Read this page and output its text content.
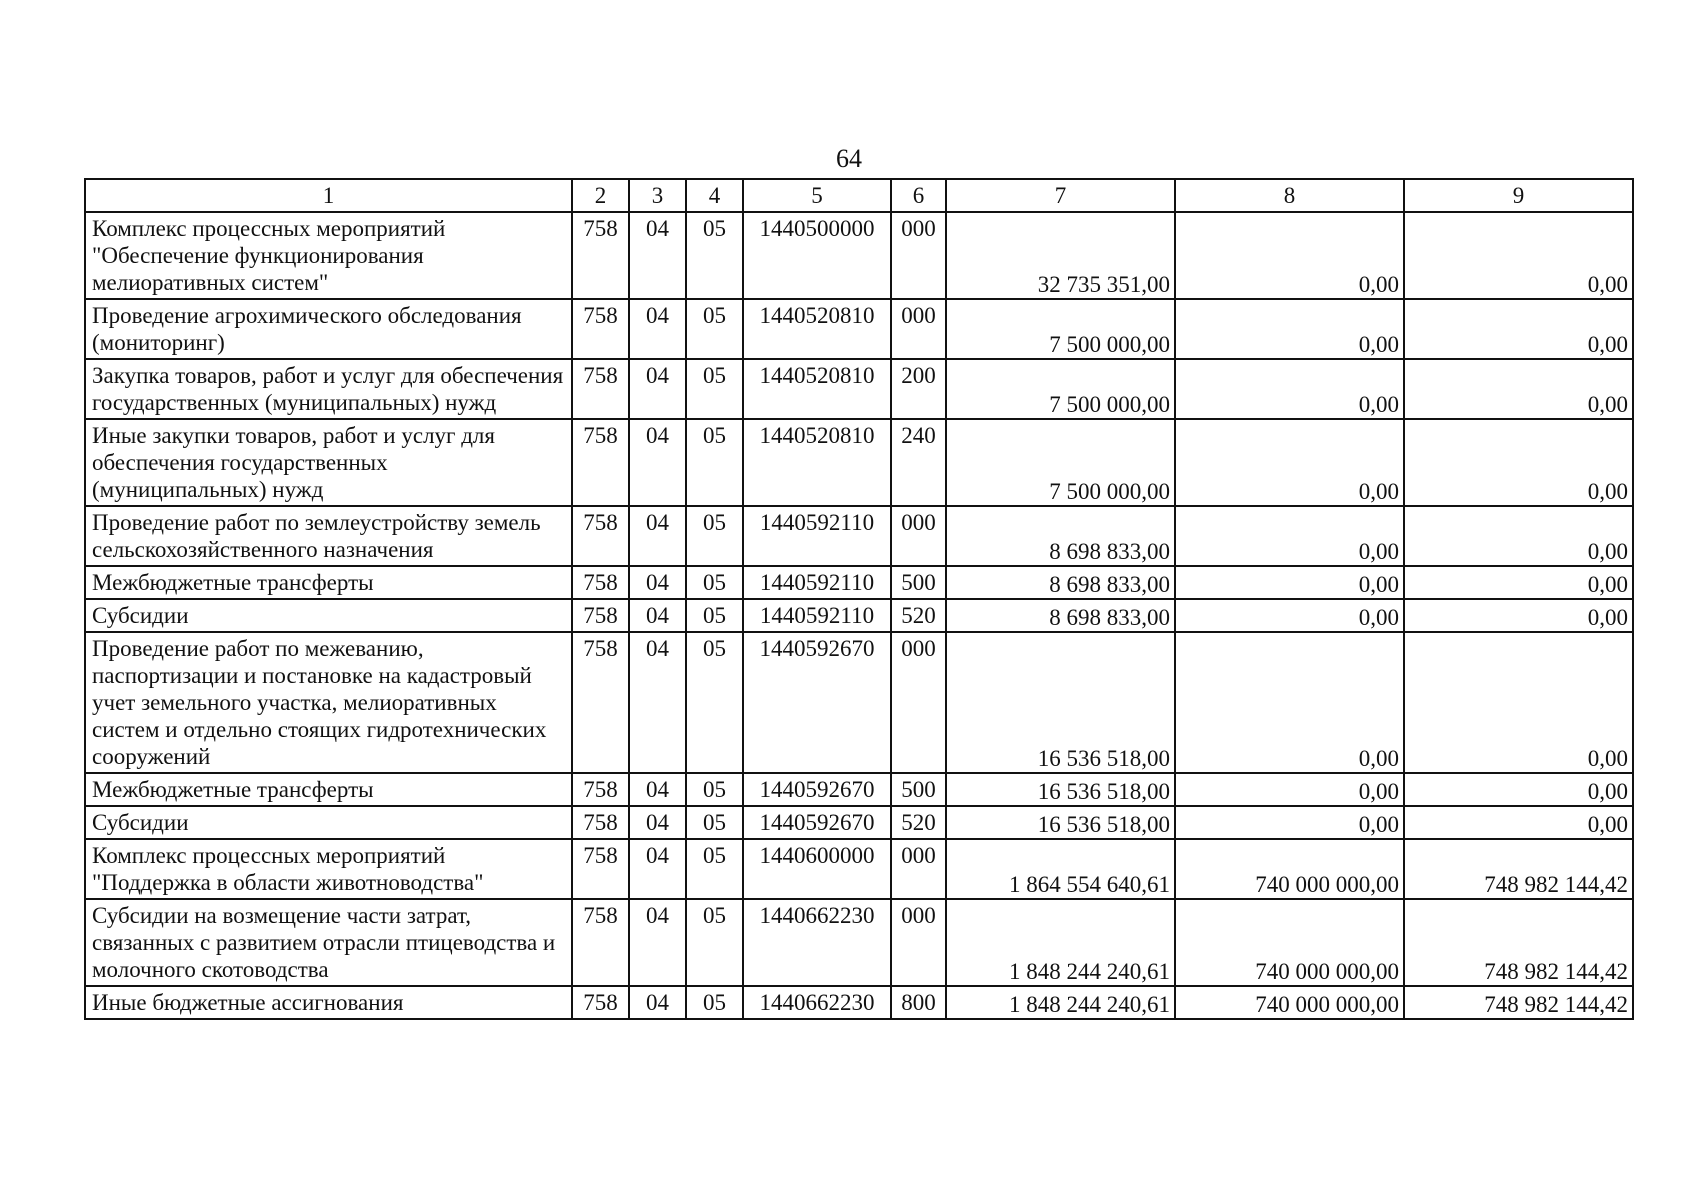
64
1	2	3	4	5	6	7	8	9
Комплекс процессных мероприятий "Обеспечение функционирования мелиоративных систем"	758	04	05	1440500000	000	32 735 351,00	0,00	0,00
Проведение агрохимического обследования (мониторинг)	758	04	05	1440520810	000	7 500 000,00	0,00	0,00
Закупка товаров, работ и услуг для обеспечения государственных (муниципальных) нужд	758	04	05	1440520810	200	7 500 000,00	0,00	0,00
Иные закупки товаров, работ и услуг для обеспечения государственных (муниципальных) нужд	758	04	05	1440520810	240	7 500 000,00	0,00	0,00
Проведение работ по землеустройству земель сельскохозяйственного назначения	758	04	05	1440592110	000	8 698 833,00	0,00	0,00
Межбюджетные трансферты	758	04	05	1440592110	500	8 698 833,00	0,00	0,00
Субсидии	758	04	05	1440592110	520	8 698 833,00	0,00	0,00
Проведение работ по межеванию, паспортизации и постановке на кадастровый учет земельного участка, мелиоративных систем и отдельно стоящих гидротехнических сооружений	758	04	05	1440592670	000	16 536 518,00	0,00	0,00
Межбюджетные трансферты	758	04	05	1440592670	500	16 536 518,00	0,00	0,00
Субсидии	758	04	05	1440592670	520	16 536 518,00	0,00	0,00
Комплекс процессных мероприятий "Поддержка в области животноводства"	758	04	05	1440600000	000	1 864 554 640,61	740 000 000,00	748 982 144,42
Субсидии на возмещение части затрат, связанных с развитием отрасли птицеводства и молочного скотоводства	758	04	05	1440662230	000	1 848 244 240,61	740 000 000,00	748 982 144,42
Иные бюджетные ассигнования	758	04	05	1440662230	800	1 848 244 240,61	740 000 000,00	748 982 144,42
